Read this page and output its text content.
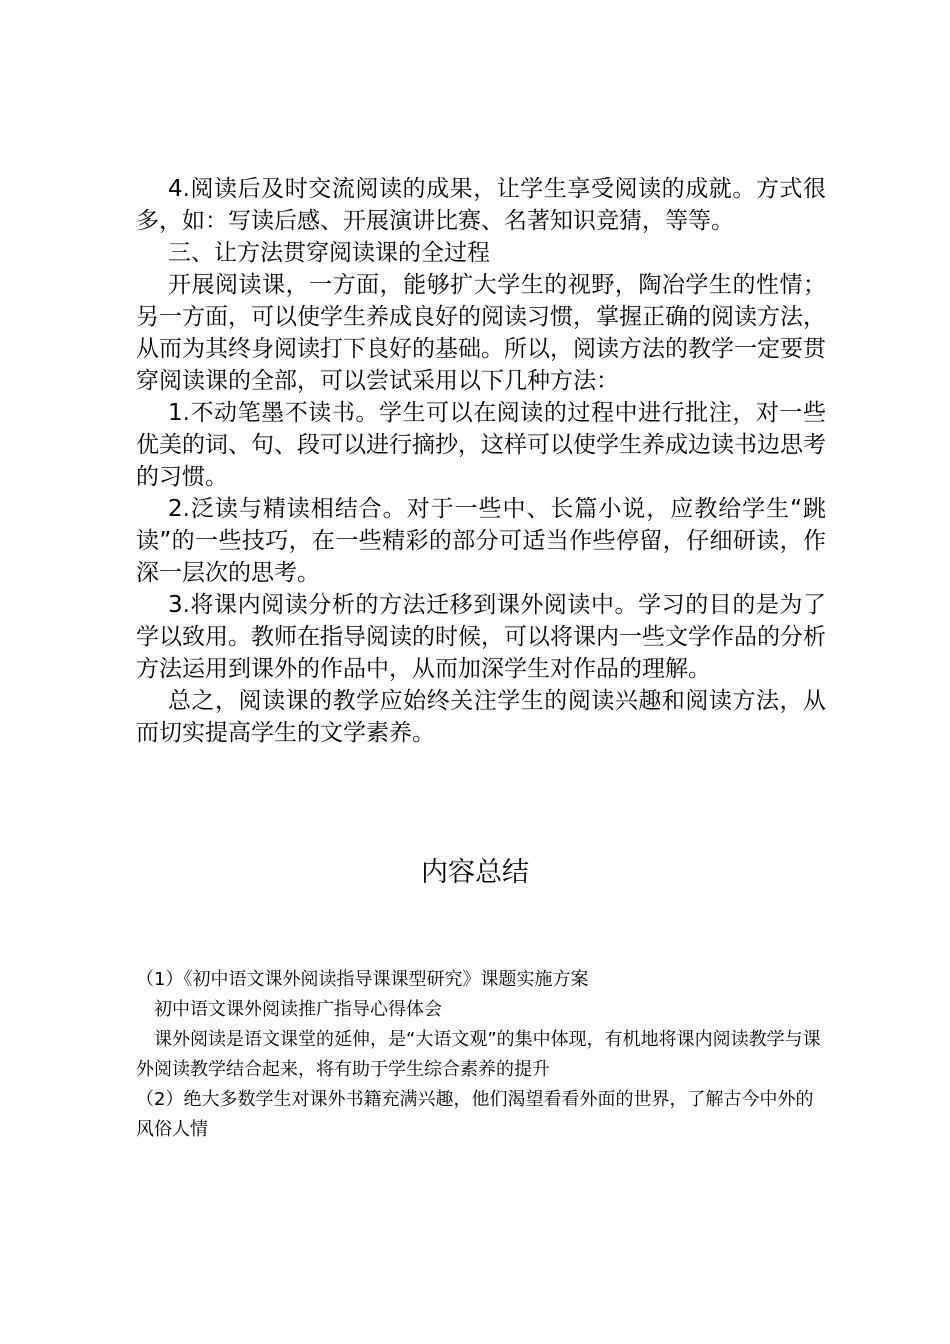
4.阅读后及时交流阅读的成果，让学生享受阅读的成就。方式很多，如：写读后感、开展演讲比赛、名著知识竞猜，等等。

三、让方法贯穿阅读课的全过程

开展阅读课，一方面，能够扩大学生的视野，陶冶学生的性情；另一方面，可以使学生养成良好的阅读习惯，掌握正确的阅读方法，从而为其终身阅读打下良好的基础。所以，阅读方法的教学一定要贯穿阅读课的全部，可以尝试采用以下几种方法：

1.不动笔墨不读书。学生可以在阅读的过程中进行批注，对一些优美的词、句、段可以进行摘抄，这样可以使学生养成边读书边思考的习惯。

2.泛读与精读相结合。对于一些中、长篇小说，应教给学生“跳读”的一些技巧，在一些精彩的部分可适当作些停留，仔细研读，作深一层次的思考。

3.将课内阅读分析的方法迁移到课外阅读中。学习的目的是为了学以致用。教师在指导阅读的时候，可以将课内一些文学作品的分析方法运用到课外的作品中，从而加深学生对作品的理解。

总之，阅读课的教学应始终关注学生的阅读兴趣和阅读方法，从而切实提高学生的文学素养。

内容总结

（1）《初中语文课外阅读指导课课型研究》课题实施方案

初中语文课外阅读推广指导心得体会

课外阅读是语文课堂的延伸，是“大语文观”的集中体现，有机地将课内阅读教学与课外阅读教学结合起来，将有助于学生综合素养的提升

（2）绝大多数学生对课外书籍充满兴趣，他们渴望看看外面的世界，了解古今中外的风俗人情
